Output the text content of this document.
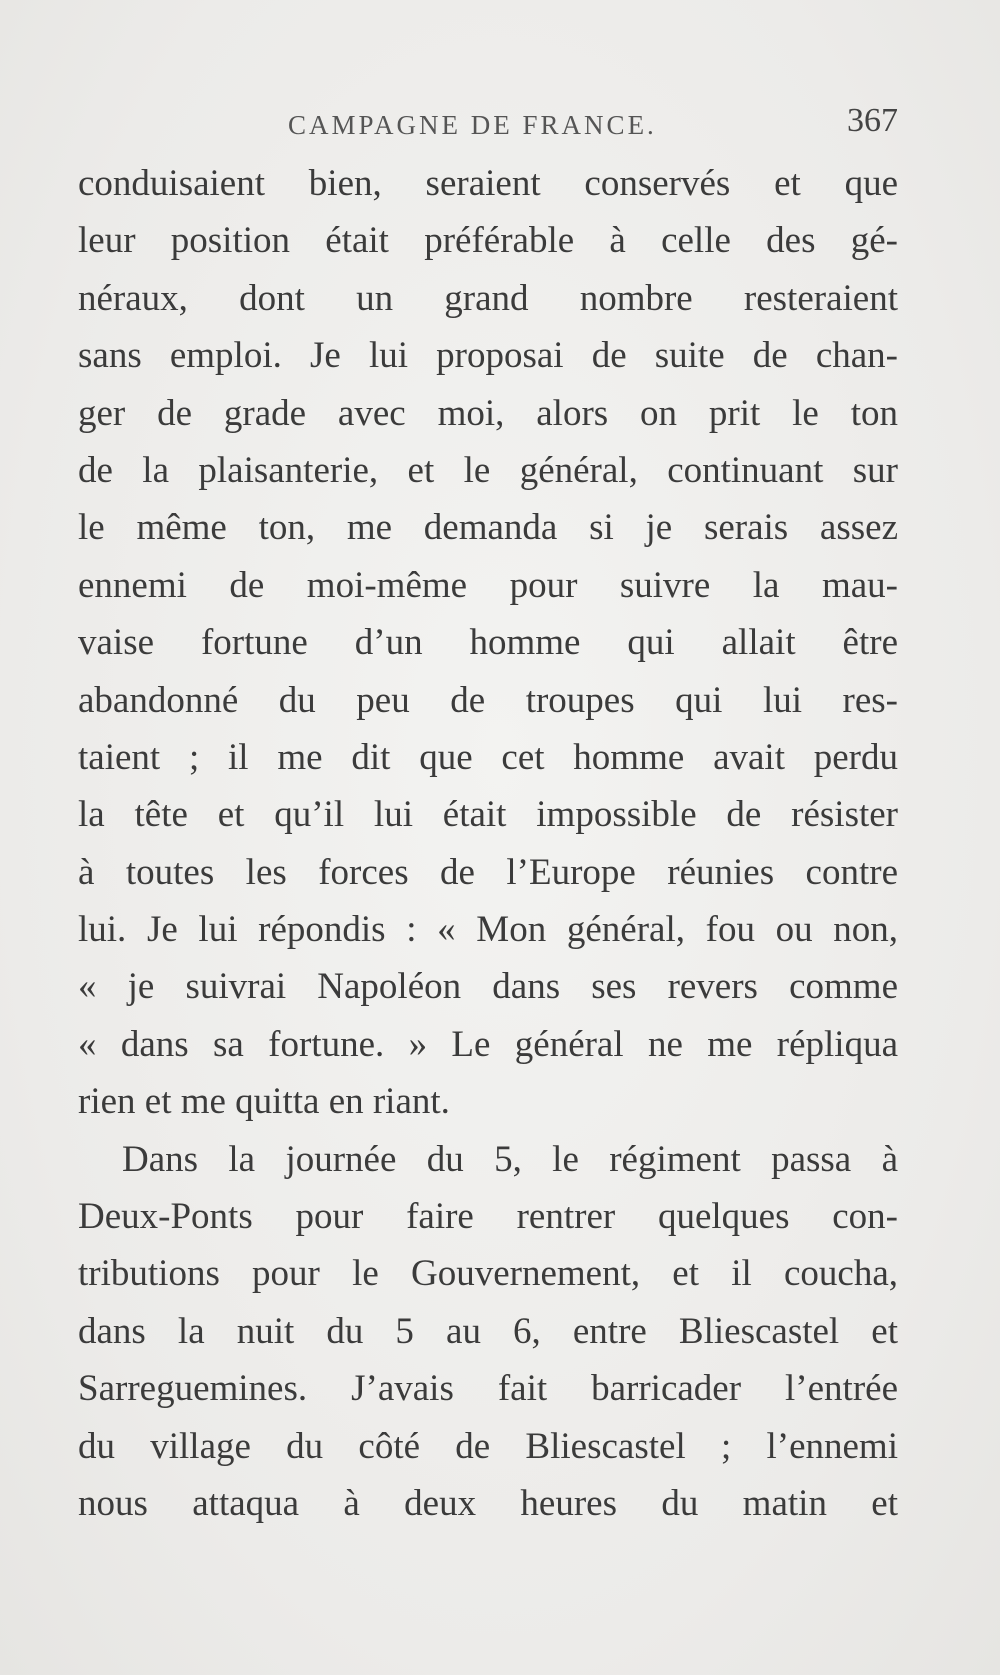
CAMPAGNE DE FRANCE.	367
conduisaient bien, seraient conservés et que
leur position était préférable à celle des gé-
néraux, dont un grand nombre resteraient
sans emploi. Je lui proposai de suite de chan-
ger de grade avec moi, alors on prit le ton
de la plaisanterie, et le général, continuant sur
le même ton, me demanda si je serais assez
ennemi de moi-même pour suivre la mau-
vaise fortune d’un homme qui allait être
abandonné du peu de troupes qui lui res-
taient ; il me dit que cet homme avait perdu
la tête et qu’il lui était impossible de résister
à toutes les forces de l’Europe réunies contre
lui. Je lui répondis : « Mon général, fou ou non,
« je suivrai Napoléon dans ses revers comme
« dans sa fortune. » Le général ne me répliqua
rien et me quitta en riant.
Dans la journée du 5, le régiment passa à
Deux-Ponts pour faire rentrer quelques con-
tributions pour le Gouvernement, et il coucha,
dans la nuit du 5 au 6, entre Bliescastel et
Sarreguemines. J’avais fait barricader l’entrée
du village du côté de Bliescastel ; l’ennemi
nous attaqua à deux heures du matin et
